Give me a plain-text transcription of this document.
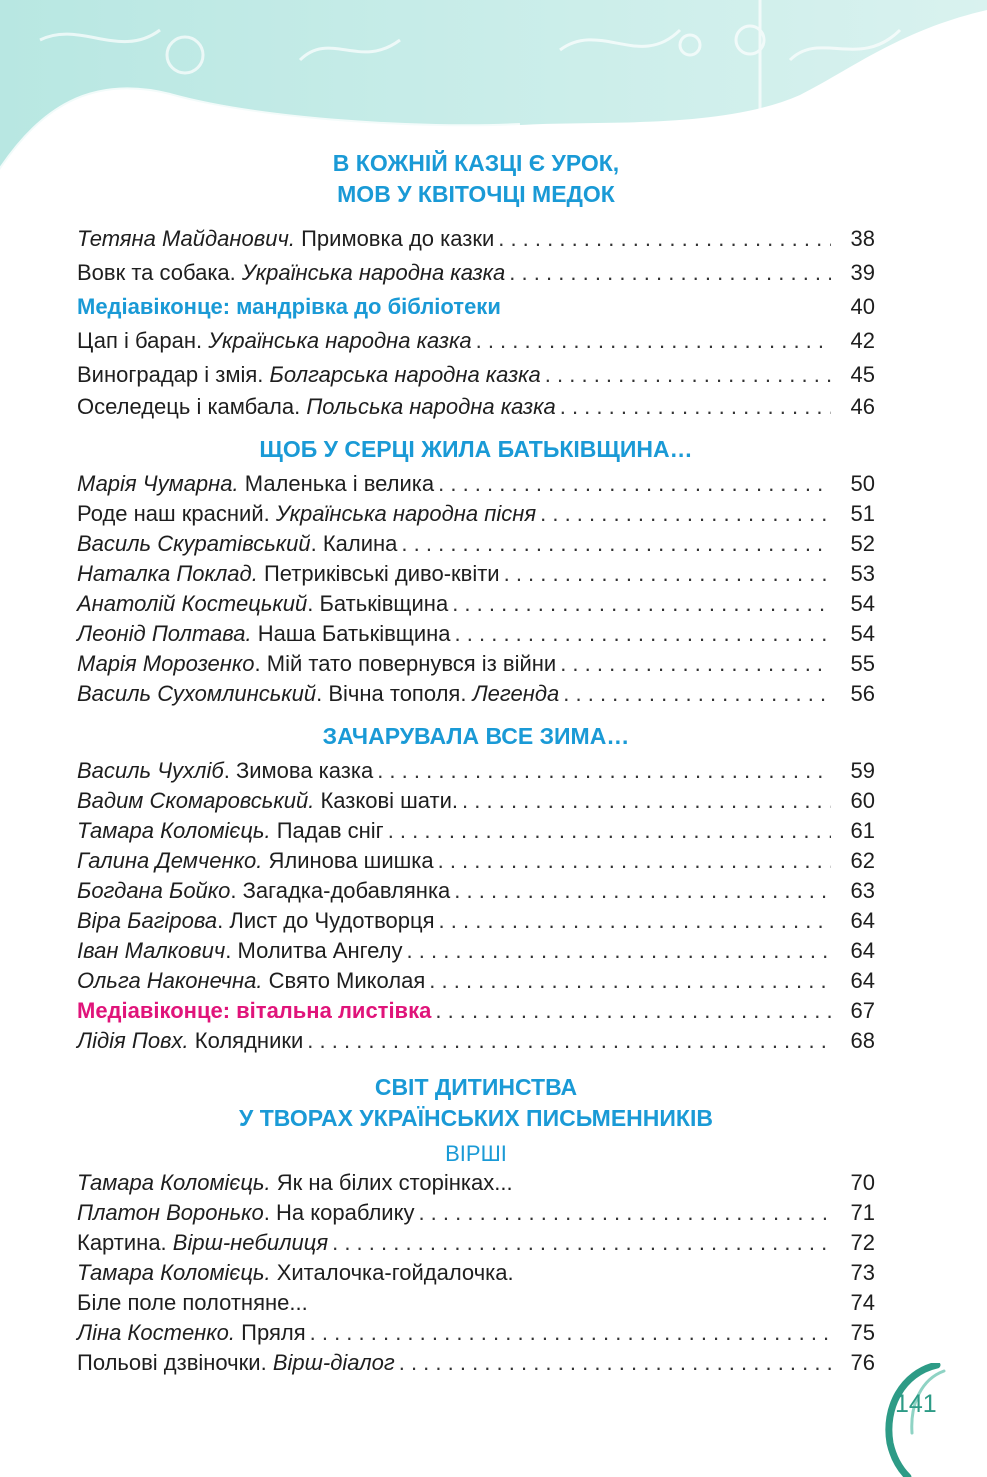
В КОЖНІЙ КАЗЦІ Є УРОК,
МОВ У КВІТОЧЦІ МЕДОК
Тетяна Майданович. Примовка до казки . . .	38
Вовк та собака. Українська народна казка . . .	39
Медіавіконце: мандрівка до бібліотеки	40
Цап і баран. Українська народна казка . . .	42
Виноградар і змія. Болгарська народна казка . . .	45
Оселедець і камбала. Польська народна казка . . .	46
ЩОБ У СЕРЦІ ЖИЛА БАТЬКІВЩИНА…
Марія Чумарна. Маленька і велика . . .	50
Роде наш красний. Українська народна пісня . . .	51
Василь Скуратівський. Калина . . .	52
Наталка Поклад. Петриківські диво-квіти . . .	53
Анатолій Костецький. Батьківщина . . .	54
Леонід Полтава. Наша Батьківщина . . .	54
Марія Морозенко. Мій тато повернувся із війни . . .	55
Василь Сухомлинський. Вічна тополя. Легенда . . .	56
ЗАЧАРУВАЛА ВСЕ ЗИМА…
Василь Чухліб. Зимова казка . . .	59
Вадим Скомаровський. Казкові шати. . . .	60
Тамара Коломієць. Падав сніг . . .	61
Галина Демченко. Ялинова шишка . . .	62
Богдана Бойко. Загадка-добавлянка . . .	63
Віра Багірова. Лист до Чудотворця . . .	64
Іван Малкович. Молитва Ангелу . . .	64
Ольга Наконечна. Свято Миколая . . .	64
Медіавіконце: вітальна листівка . . .	67
Лідія Повх. Колядники . . .	68
СВІТ ДИТИНСТВА
У ТВОРАХ УКРАЇНСЬКИХ ПИСЬМЕННИКІВ
ВІРШІ
Тамара Коломієць. Як на білих сторінках...	70
Платон Воронько. На кораблику . . .	71
Картина. Вірш-небилиця . . .	72
Тамара Коломієць. Хиталочка-гойдалочка.	73
Біле поле полотняне...	74
Ліна Костенко. Пряля . . .	75
Польові дзвіночки. Вірш-діалог . . .	76
141
